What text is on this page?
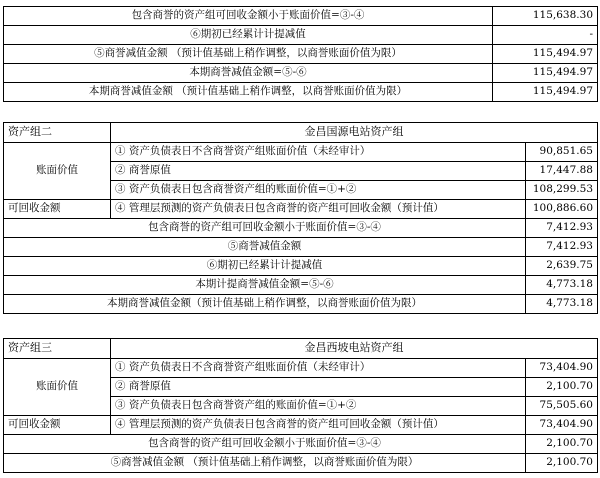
包含商誉的资产组可回收金额小于账面价值=③-④	115,638.30
⑥期初已经累计计提减值	-
⑤商誉减值金额 （预计值基础上稍作调整，以商誉账面价值为限）	115,494.97
本期商誉减值金额=⑤-⑥	115,494.97
本期商誉减值金额 （预计值基础上稍作调整，以商誉账面价值为限）	115,494.97
资产组二	金昌国源电站资产组	
账面价值	① 资产负债表日不含商誉资产组账面价值（未经审计）	90,851.65
	② 商誉原值	17,447.88
	③ 资产负债表日包含商誉资产组的账面价值=①+②	108,299.53
可回收金额	④ 管理层预测的资产负债表日包含商誉的资产组可回收金额（预计值）	100,886.60
包含商誉的资产组可回收金额小于账面价值=③-④		7,412.93
⑤商誉减值金额		7,412.93
⑥期初已经累计计提减值		2,639.75
本期计提商誉减值金额=⑤-⑥		4,773.18
本期商誉减值金额（预计值基础上稍作调整，以商誉账面价值为限）		4,773.18
资产组三	金昌西坡电站资产组	
账面价值	① 资产负债表日不含商誉资产组账面价值（未经审计）	73,404.90
	② 商誉原值	2,100.70
	③ 资产负债表日包含商誉资产组的账面价值=①+②	75,505.60
可回收金额	④ 管理层预测的资产负债表日包含商誉的资产组可回收金额（预计值）	73,404.90
包含商誉的资产组可回收金额小于账面价值=③-④		2,100.70
⑤商誉减值金额 （预计值基础上稍作调整，以商誉账面价值为限）		2,100.70
